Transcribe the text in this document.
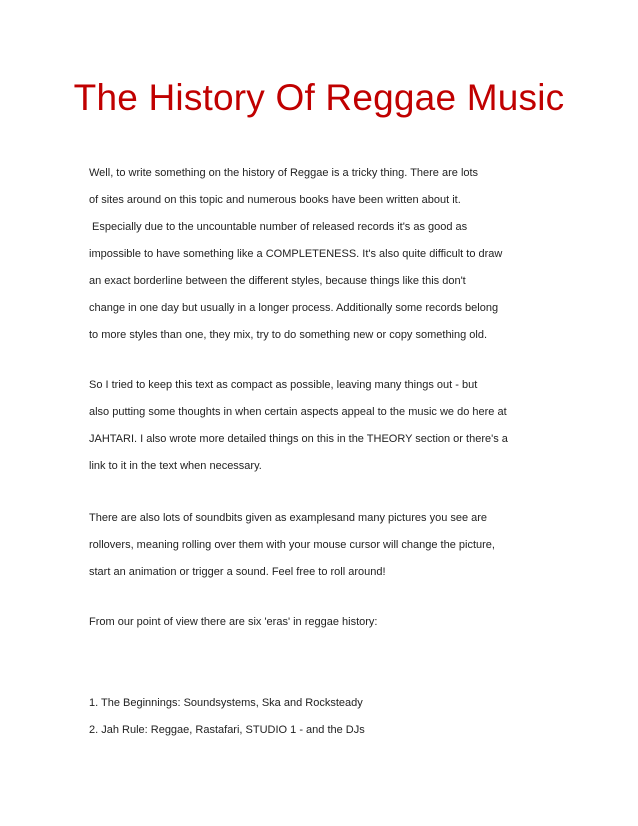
The History Of Reggae Music
Well, to write something on the history of Reggae is a tricky thing. There are lots
of sites around on this topic and numerous books have been written about it.
Especially due to the uncountable number of released records it's as good as
impossible to have something like a COMPLETENESS. It's also quite difficult to draw
an exact borderline between the different styles, because things like this don't
change in one day but usually in a longer process. Additionally some records belong
to more styles than one, they mix, try to do something new or copy something old.
So I tried to keep this text as compact as possible, leaving many things out - but
also putting some thoughts in when certain aspects appeal to the music we do here at
JAHTARI. I also wrote more detailed things on this in the THEORY section or there's a
link to it in the text when necessary.
There are also lots of soundbits given as examplesand many pictures you see are
rollovers, meaning rolling over them with your mouse cursor will change the picture,
start an animation or trigger a sound. Feel free to roll around!
From our point of view there are six 'eras' in reggae history:
1. The Beginnings: Soundsystems, Ska and Rocksteady
2. Jah Rule: Reggae, Rastafari, STUDIO 1 - and the DJs
